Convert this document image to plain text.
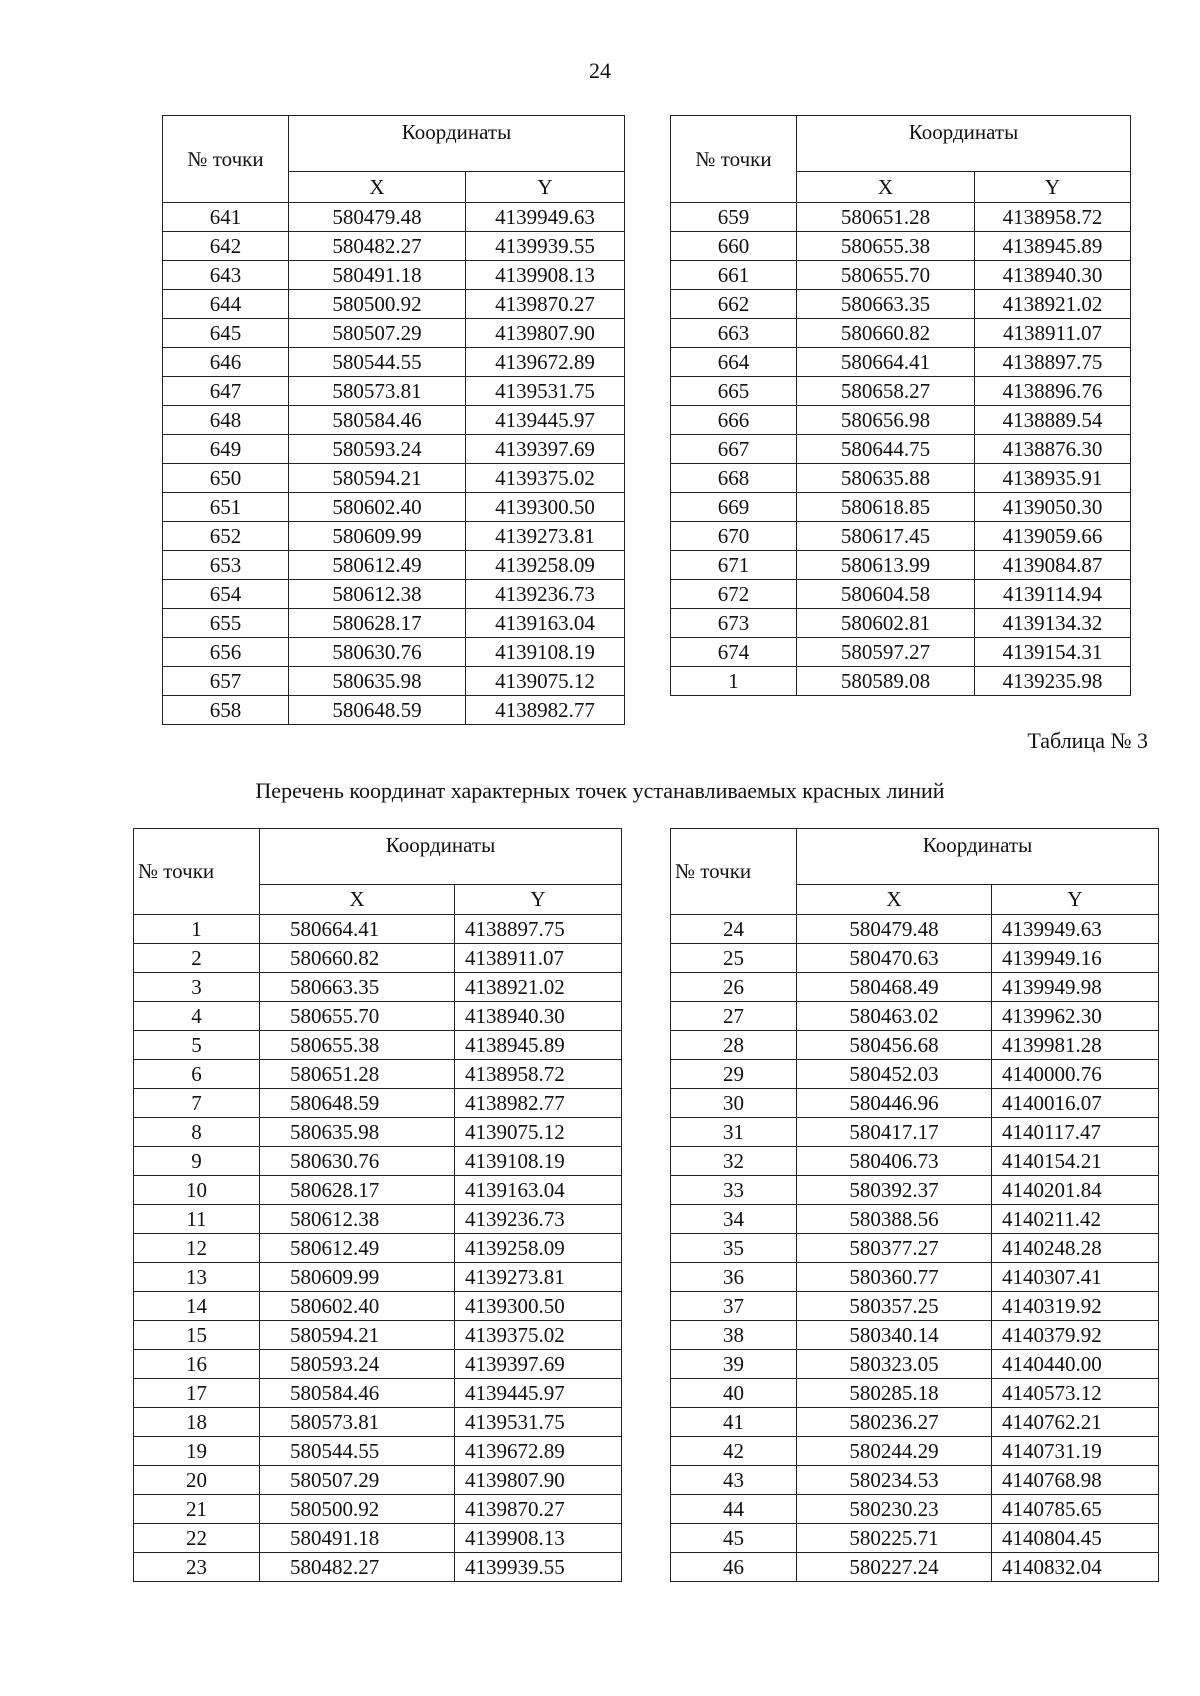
24
№ точки	Координаты	
	X	Y
641	580479.48	4139949.63
642	580482.27	4139939.55
643	580491.18	4139908.13
644	580500.92	4139870.27
645	580507.29	4139807.90
646	580544.55	4139672.89
647	580573.81	4139531.75
648	580584.46	4139445.97
649	580593.24	4139397.69
650	580594.21	4139375.02
651	580602.40	4139300.50
652	580609.99	4139273.81
653	580612.49	4139258.09
654	580612.38	4139236.73
655	580628.17	4139163.04
656	580630.76	4139108.19
657	580635.98	4139075.12
658	580648.59	4138982.77
№ точки	Координаты	
	X	Y
659	580651.28	4138958.72
660	580655.38	4138945.89
661	580655.70	4138940.30
662	580663.35	4138921.02
663	580660.82	4138911.07
664	580664.41	4138897.75
665	580658.27	4138896.76
666	580656.98	4138889.54
667	580644.75	4138876.30
668	580635.88	4138935.91
669	580618.85	4139050.30
670	580617.45	4139059.66
671	580613.99	4139084.87
672	580604.58	4139114.94
673	580602.81	4139134.32
674	580597.27	4139154.31
1	580589.08	4139235.98
Таблица № 3
Перечень координат характерных точек устанавливаемых красных линий
№ точки	Координаты	
	X	Y
1	580664.41	4138897.75
2	580660.82	4138911.07
3	580663.35	4138921.02
4	580655.70	4138940.30
5	580655.38	4138945.89
6	580651.28	4138958.72
7	580648.59	4138982.77
8	580635.98	4139075.12
9	580630.76	4139108.19
10	580628.17	4139163.04
11	580612.38	4139236.73
12	580612.49	4139258.09
13	580609.99	4139273.81
14	580602.40	4139300.50
15	580594.21	4139375.02
16	580593.24	4139397.69
17	580584.46	4139445.97
18	580573.81	4139531.75
19	580544.55	4139672.89
20	580507.29	4139807.90
21	580500.92	4139870.27
22	580491.18	4139908.13
23	580482.27	4139939.55
№ точки	Координаты	
	X	Y
24	580479.48	4139949.63
25	580470.63	4139949.16
26	580468.49	4139949.98
27	580463.02	4139962.30
28	580456.68	4139981.28
29	580452.03	4140000.76
30	580446.96	4140016.07
31	580417.17	4140117.47
32	580406.73	4140154.21
33	580392.37	4140201.84
34	580388.56	4140211.42
35	580377.27	4140248.28
36	580360.77	4140307.41
37	580357.25	4140319.92
38	580340.14	4140379.92
39	580323.05	4140440.00
40	580285.18	4140573.12
41	580236.27	4140762.21
42	580244.29	4140731.19
43	580234.53	4140768.98
44	580230.23	4140785.65
45	580225.71	4140804.45
46	580227.24	4140832.04
